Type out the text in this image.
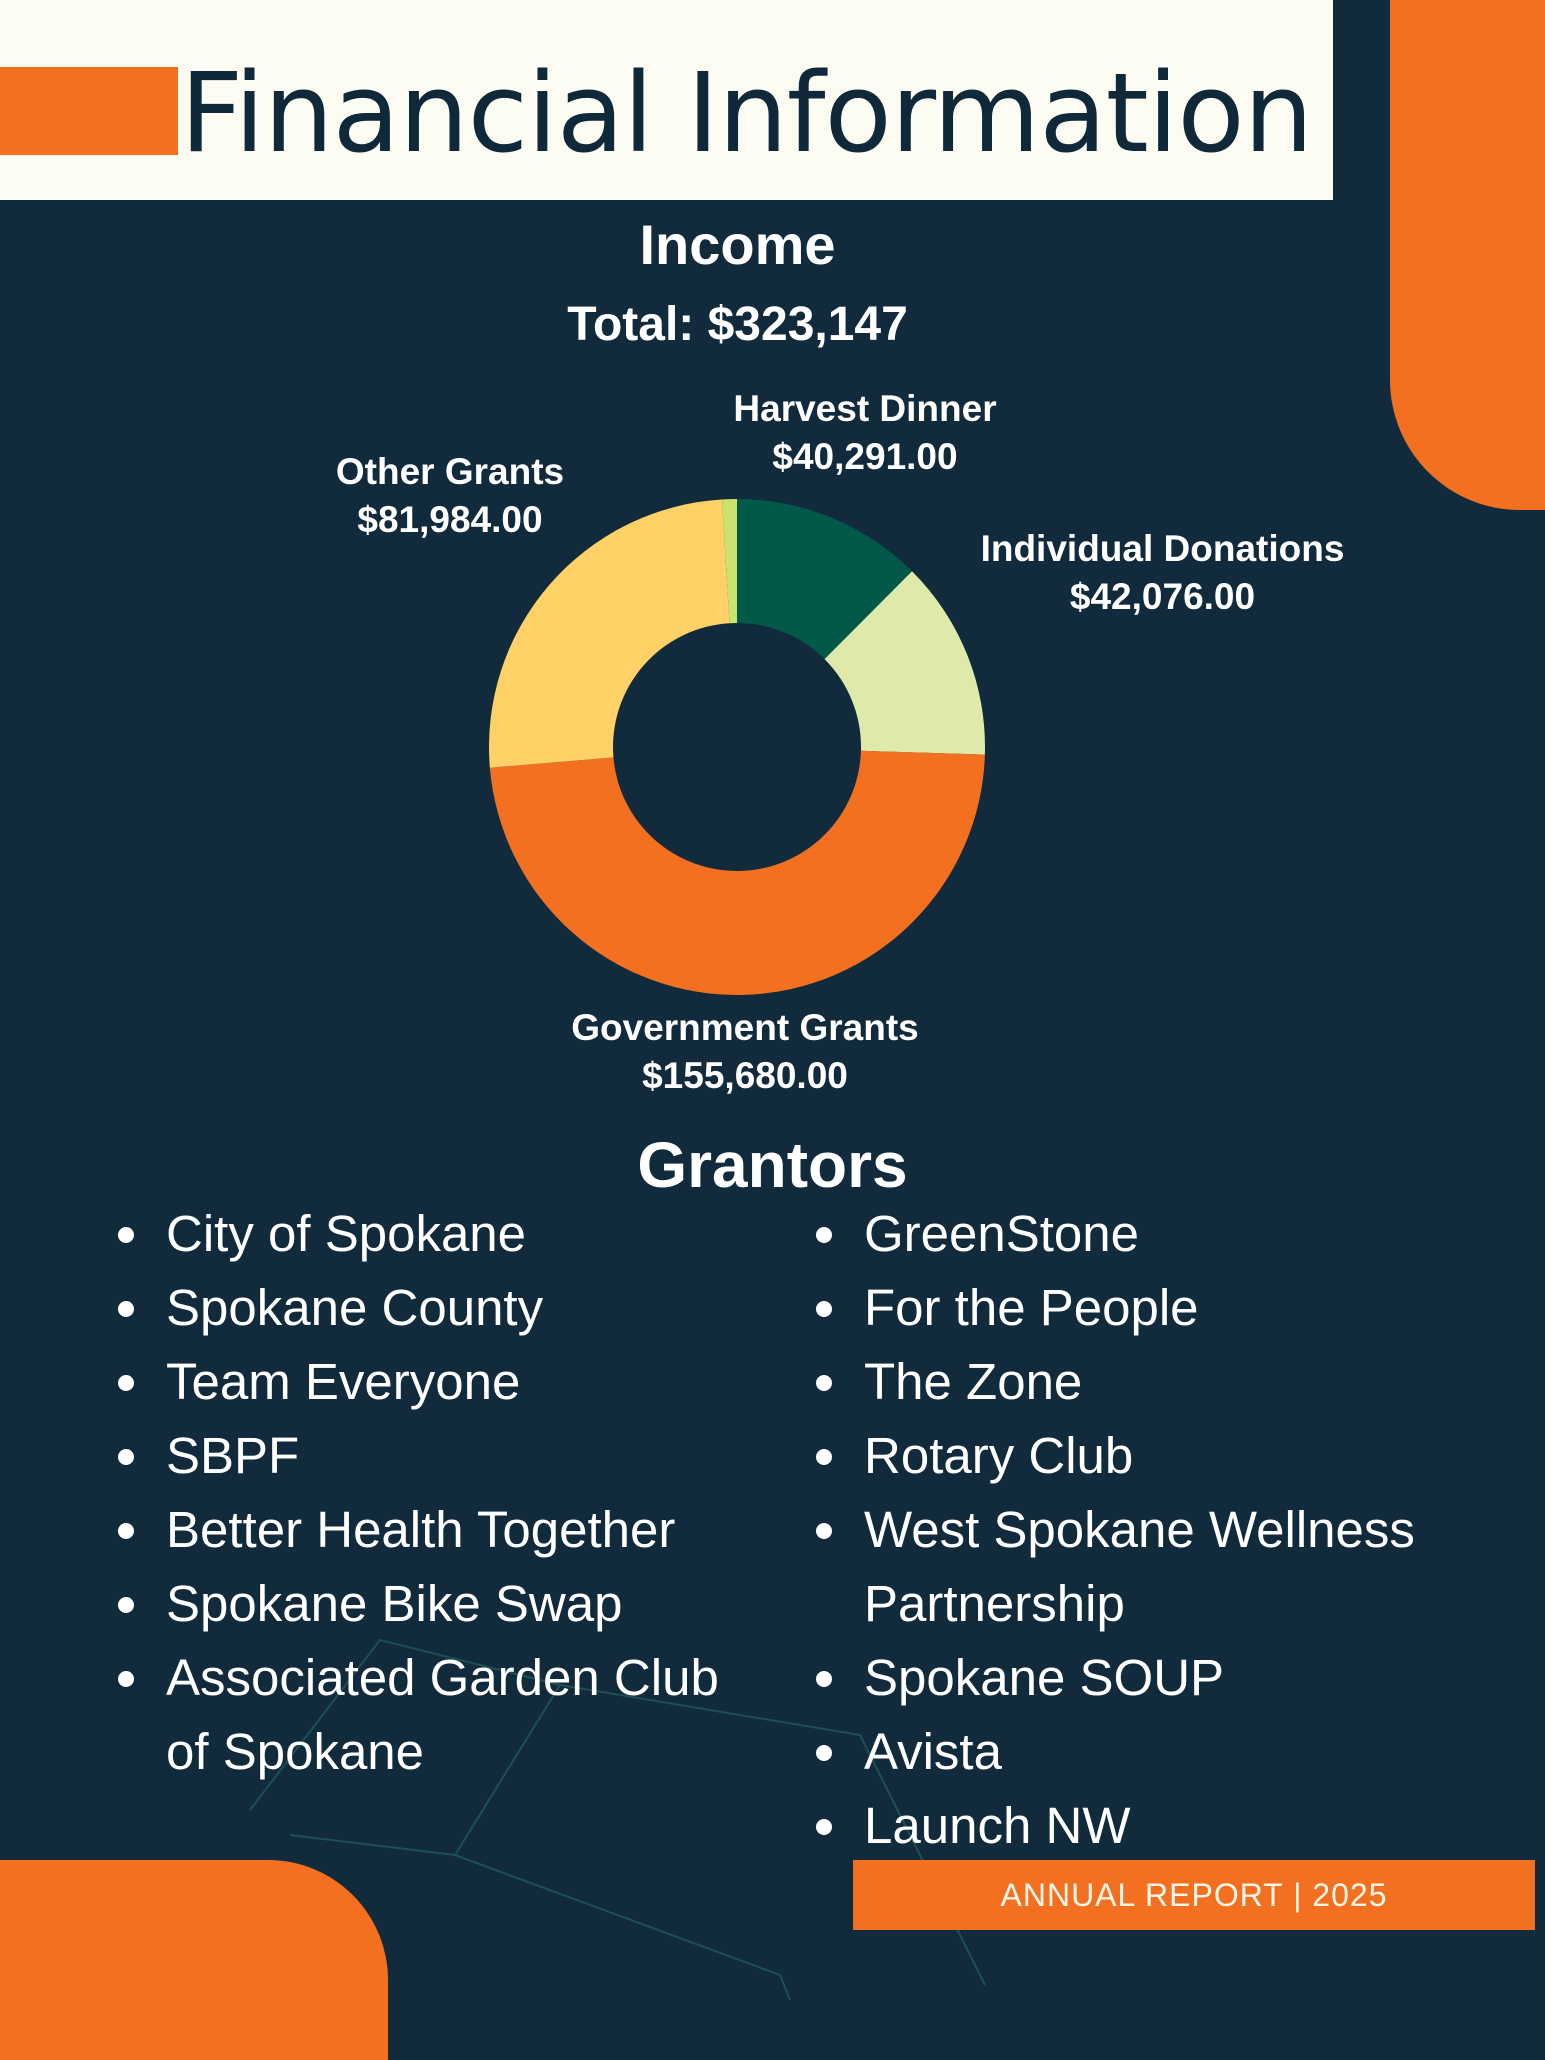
Financial Information
Income
Total: $323,147
Harvest Dinner
$40,291.00
Individual Donations
$42,076.00
Government Grants
$155,680.00
Other Grants
$81,984.00
Grantors
City of Spokane
Spokane County
Team Everyone
SBPF
Better Health Together
Spokane Bike Swap
Associated Garden Club of Spokane
GreenStone
For the People
The Zone
Rotary Club
West Spokane Wellness Partnership
Spokane SOUP
Avista
Launch NW
ANNUAL REPORT | 2025
